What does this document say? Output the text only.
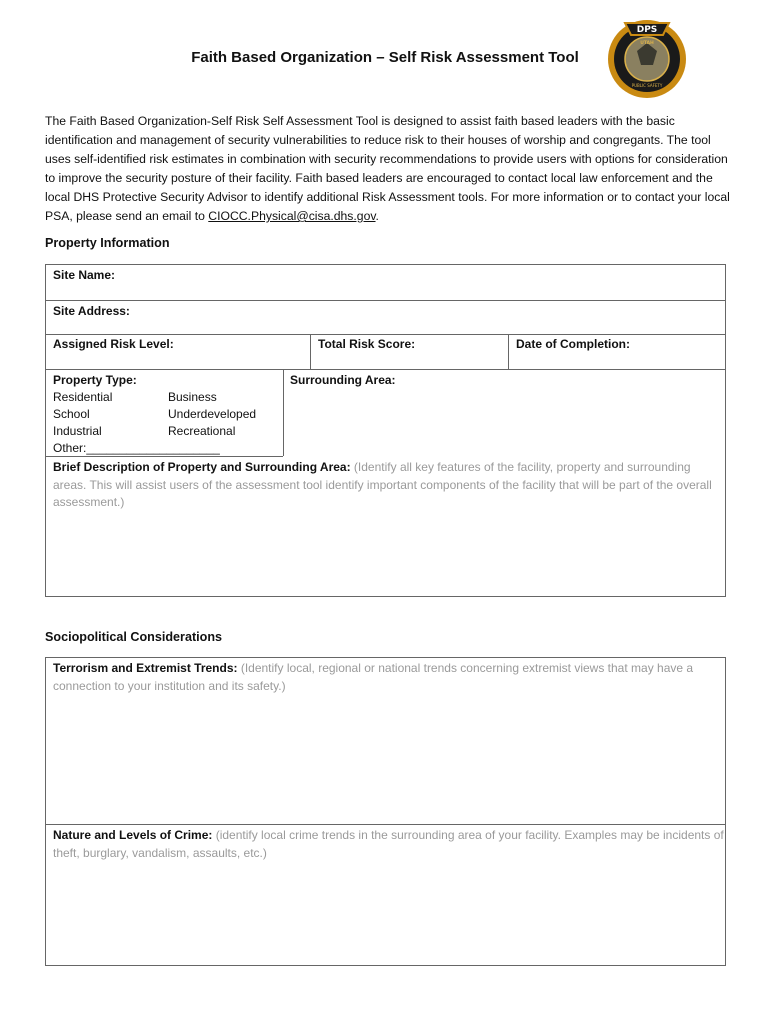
Faith Based Organization – Self Risk Assessment Tool
DPS
UTAH
PUBLIC SAFETY
The Faith Based Organization-Self Risk Self Assessment Tool is designed to assist faith based leaders with the basic identification and management of security vulnerabilities to reduce risk to their houses of worship and congregants. The tool uses self-identified risk estimates in combination with security recommendations to provide users with options for consideration to improve the security posture of their facility. Faith based leaders are encouraged to contact local law enforcement and the local DHS Protective Security Advisor to identify additional Risk Assessment tools. For more information or to contact your local PSA, please send an email to CIOCC.Physical@cisa.dhs.gov.
Property Information
Site Name:
Site Address:
Assigned Risk Level:	Total Risk Score:	Date of Completion:
Property Type:
Residential
School
Industrial
Business
Underdeveloped
Recreational
Other:____________________
Surrounding Area:
Brief Description of Property and Surrounding Area: (Identify all key features of the facility, property and surrounding areas. This will assist users of the assessment tool identify important components of the facility that will be part of the overall assessment.)
Sociopolitical Considerations
Terrorism and Extremist Trends: (Identify local, regional or national trends concerning extremist views that may have a connection to your institution and its safety.)
Nature and Levels of Crime: (identify local crime trends in the surrounding area of your facility. Examples may be incidents of theft, burglary, vandalism, assaults, etc.)
